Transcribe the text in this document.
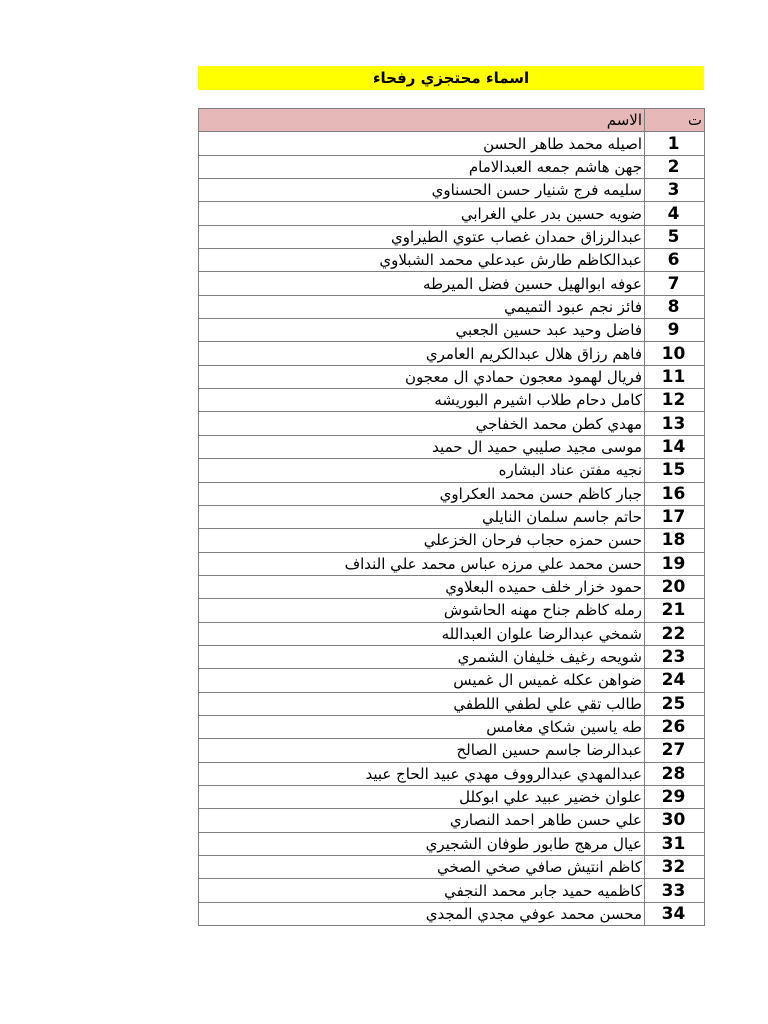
اسماء محتجزي رفحاء
ت	الاسم
1	اصيله محمد طاهر الحسن
2	جهن هاشم جمعه العبدالامام
3	سليمه فرج شنيار حسن الحسناوي
4	ضويه حسين بدر علي الغرابي
5	عبدالرزاق حمدان غصاب عتوي الطيراوي
6	عبدالكاظم طارش عبدعلي محمد الشبلاوي
7	عوفه ابوالهيل حسين فضل الميرطه
8	فائز نجم عبود التميمي
9	فاضل وحيد عبد حسين الجعبي
10	فاهم رزاق هلال عبدالكريم العامري
11	فريال لهمود معجون حمادي ال معجون
12	كامل دحام طلاب اشيرم البوريشه
13	مهدي كطن محمد الخفاجي
14	موسى مجيد صليبي حميد ال حميد
15	نجيه مفتن عناد البشاره
16	جبار كاظم حسن محمد العكراوي
17	حاتم جاسم سلمان النايلي
18	حسن حمزه حجاب فرحان الخزعلي
19	حسن محمد علي مرزه عباس محمد علي النداف
20	حمود خزار خلف حميده البعلاوي
21	رمله كاظم جناح مهنه الحاشوش
22	شمخي عبدالرضا علوان العبدالله
23	شويحه رغيف خليفان الشمري
24	ضواهن عكله غميس ال غميس
25	طالب تقي علي لطفي اللطفي
26	طه ياسين شكاي مغامس
27	عبدالرضا جاسم حسين الصالح
28	عبدالمهدي عبدالرووف مهدي عبيد الحاج عبيد
29	علوان خضير عبيد علي ابوكلل
30	علي حسن طاهر احمد النصاري
31	عيال مرهج طابور طوفان الشجيري
32	كاظم انتيش صافي صخي الصخي
33	كاظميه حميد جابر محمد النجفي
34	محسن محمد عوفي مجدي المجدي
